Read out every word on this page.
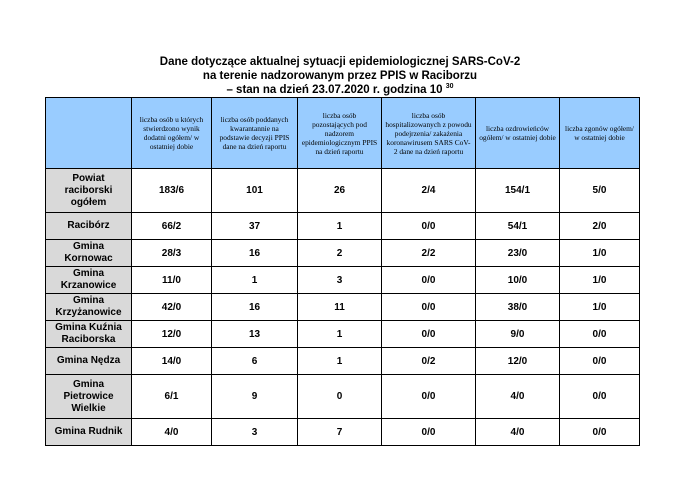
Dane dotyczące aktualnej sytuacji epidemiologicznej SARS-CoV-2
na terenie nadzorowanym przez PPIS w Raciborzu
– stan na dzień 23.07.2020 r. godzina 10 $^{30}$
	liczba osób u których stwierdzono wynik dodatni ogółem/ w ostatniej dobie	liczba osób poddanych kwarantannie na podstawie decyzji PPIS dane na dzień raportu	liczba osób pozostających pod nadzorem epidemiologicznym PPIS na dzień raportu	liczba osób hospitalizowanych z powodu podejrzenia/ zakażenia koronawirusem SARS CoV-2 dane na dzień raportu	liczba ozdrowieńców ogółem/ w ostatniej dobie	liczba zgonów ogółem/ w ostatniej dobie
Powiat raciborski ogółem	183/6	101	26	2/4	154/1	5/0
Racibórz	66/2	37	1	0/0	54/1	2/0
Gmina Kornowac	28/3	16	2	2/2	23/0	1/0
Gmina Krzanowice	11/0	1	3	0/0	10/0	1/0
Gmina Krzyżanowice	42/0	16	11	0/0	38/0	1/0
Gmina Kuźnia Raciborska	12/0	13	1	0/0	9/0	0/0
Gmina Nędza	14/0	6	1	0/2	12/0	0/0
Gmina Pietrowice Wielkie	6/1	9	0	0/0	4/0	0/0
Gmina Rudnik	4/0	3	7	0/0	4/0	0/0
